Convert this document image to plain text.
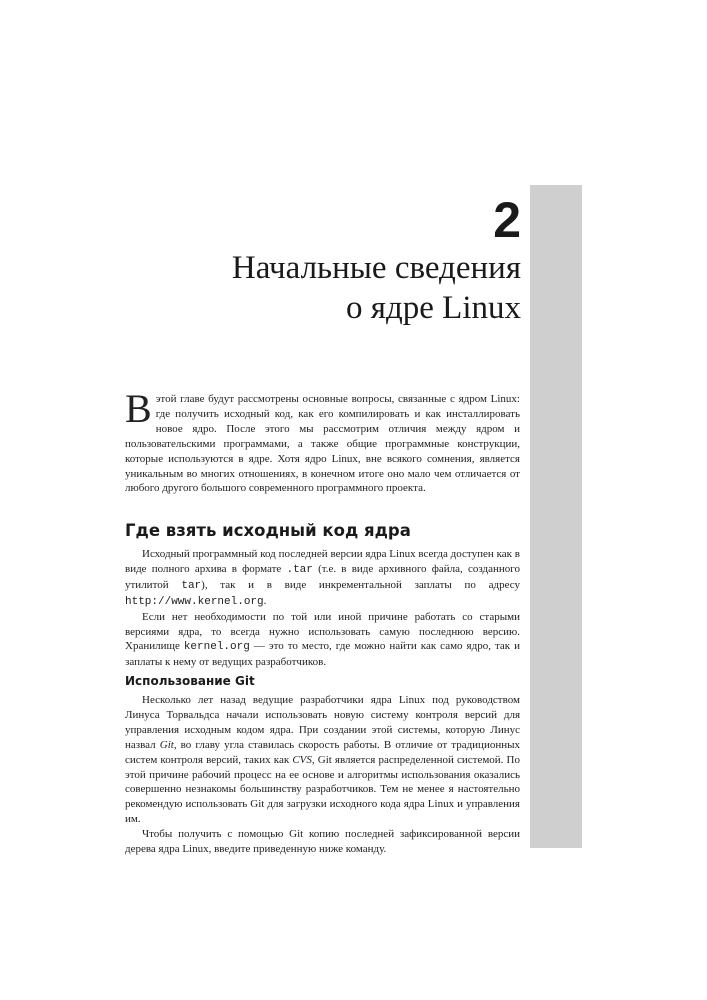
2
Начальные сведения
о ядре Linux

Вэтой главе будут рассмотрены основные вопросы, связанные с ядром Linux: где получить исходный код, как его компилировать и как инсталлировать новое ядро. После этого мы рассмотрим отличия между ядром и пользовательскими программами, а также общие программные конструкции, которые используются в ядре. Хотя ядро Linux, вне всякого сомнения, является уникальным во многих отношениях, в конечном итоге оно мало чем отличается от любого другого большого современного программного проекта.

Где взять исходный код ядра

Исходный программный код последней версии ядра Linux всегда доступен как в виде полного архива в формате .tar (т.е. в виде архивного файла, созданного утилитой tar), так и в виде инкрементальной заплаты по адресу http://www.kernel.org.

Если нет необходимости по той или иной причине работать со старыми версиями ядра, то всегда нужно использовать самую последнюю версию. Хранилище kernel.org — это то место, где можно найти как само ядро, так и заплаты к нему от ведущих разработчиков.

Использование Git

Несколько лет назад ведущие разработчики ядра Linux под руководством Линуса Торвальдса начали использовать новую систему контроля версий для управления исходным кодом ядра. При создании этой системы, которую Линус назвал Git, во главу угла ставилась скорость работы. В отличие от традиционных систем контроля версий, таких как CVS, Git является распределенной системой. По этой причине рабочий процесс на ее основе и алгоритмы использования оказались совершенно незнакомы большинству разработчиков. Тем не менее я настоятельно рекомендую использовать Git для загрузки исходного кода ядра Linux и управления им.

Чтобы получить с помощью Git копию последней зафиксированной версии дерева ядра Linux, введите приведенную ниже команду.
